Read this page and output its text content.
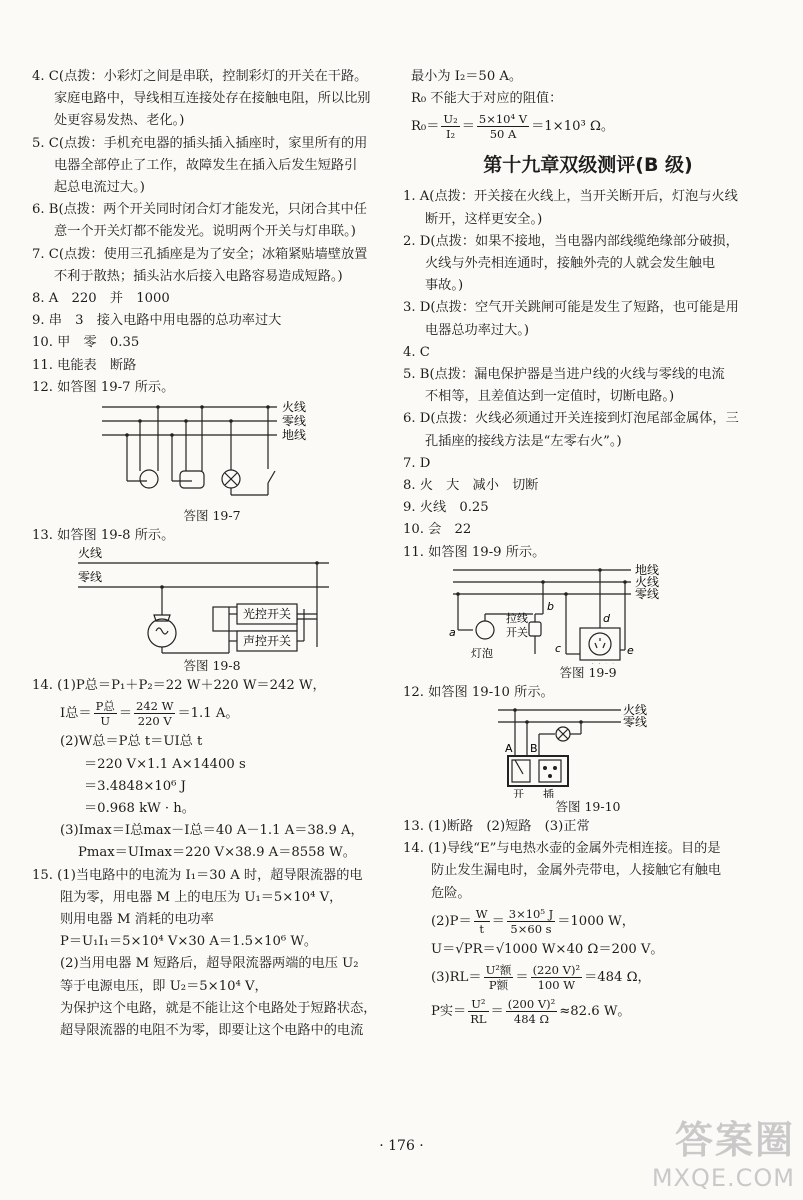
4. C(点拨：小彩灯之间是串联，控制彩灯的开关在干路。

家庭电路中，导线相互连接处存在接触电阻，所以比别

处更容易发热、老化。)

5. C(点拨：手机充电器的插头插入插座时，家里所有的用

电器全部停止了工作，故障发生在插入后发生短路引

起总电流过大。)

6. B(点拨：两个开关同时闭合灯才能发光，只闭合其中任

意一个开关灯都不能发光。说明两个开关与灯串联。)

7. C(点拨：使用三孔插座是为了安全；冰箱紧贴墙壁放置

不利于散热；插头沾水后接入电路容易造成短路。)

8. A　220　并　1000

9. 串　3　接入电路中用电器的总功率过大

10. 甲　零　0.35

11. 电能表　断路

12. 如答图 19-7 所示。

火线
零线
地线
答图 19-7

13. 如答图 19-8 所示。

火线
零线
光控开关
声控开关
答图 19-8

14. (1)P总＝P₁＋P₂＝22 W＋220 W＝242 W，

I总＝ $\frac{\text{P总}}{U} = \frac{242 W}{220 V} =1.1$ A。

(2)W总＝P总 t＝UI总 t

＝220 V×1.1 A×14400 s

＝3.4848×10⁶ J

＝0.968 kW · h。

(3)Imax＝I总max－I总＝40 A－1.1 A＝38.9 A，

Pmax＝UImax＝220 V×38.9 A＝8558 W。

15. (1)当电路中的电流为 I₁＝30 A 时，超导限流器的电

阻为零，用电器 M 上的电压为 U₁＝5×10⁴ V，

则用电器 M 消耗的电功率

P＝U₁I₁＝5×10⁴ V×30 A＝1.5×10⁶ W。

(2)当用电器 M 短路后，超导限流器两端的电压 U₂

等于电源电压，即 U₂＝5×10⁴ V，

为保护这个电路，就是不能让这个电路处于短路状态，

超导限流器的电阻不为零，即要让这个电路中的电流

最小为 I₂＝50 A。

R₀ 不能大于对应的阻值：

$R_0= \frac{\text{U₂}}{\text{I₂}} = \frac{\text{5×10⁴ V}}{50 A} =1\times 10^3$ Ω。

第十九章双级测评(B 级)

1. A(点拨：开关接在火线上，当开关断开后，灯泡与火线

断开，这样更安全。)

2. D(点拨：如果不接地，当电器内部线缆绝缘部分破损，

火线与外壳相连通时，接触外壳的人就会发生触电

事故。)

3. D(点拨：空气开关跳闸可能是发生了短路，也可能是用

电器总功率过大。)

4. C

5. B(点拨：漏电保护器是当进户线的火线与零线的电流

不相等，且差值达到一定值时，切断电路。)

6. D(点拨：火线必须通过开关连接到灯泡尾部金属体，三

孔插座的接线方法是“左零右火”。)

7. D

8. 火　大　减小　切断

9. 火线　0.25

10. 会　22

11. 如答图 19-9 所示。

地线
火线
零线
a
b
c
d
e
拉线
开关
灯泡
答图 19-9

12. 如答图 19-10 所示。

火线
零线
A B
开 插
答图 19-10

13. (1)断路　(2)短路　(3)正常

14. (1)导线“E”与电热水壶的金属外壳相连接。目的是

防止发生漏电时，金属外壳带电，人接触它有触电

危险。

$(2)P= \frac{W}{t} = \frac{\text{3×10⁵ J}}{5\times 60 s} =1000$ W，

U＝√PR＝√1000 W×40 Ω＝200 V。

$(3)RL= \frac{\text{U²额}}{\text{P额}} = \frac{\text{(220 V)²}}{100 W} =484$ Ω，

P实＝ $\frac{\text{U²}}{RL} = \frac{\text{(200 V)²}}{484 \Omega} \approx 82.6$ W。

· 176 ·	答案圈
MXQE.COM
